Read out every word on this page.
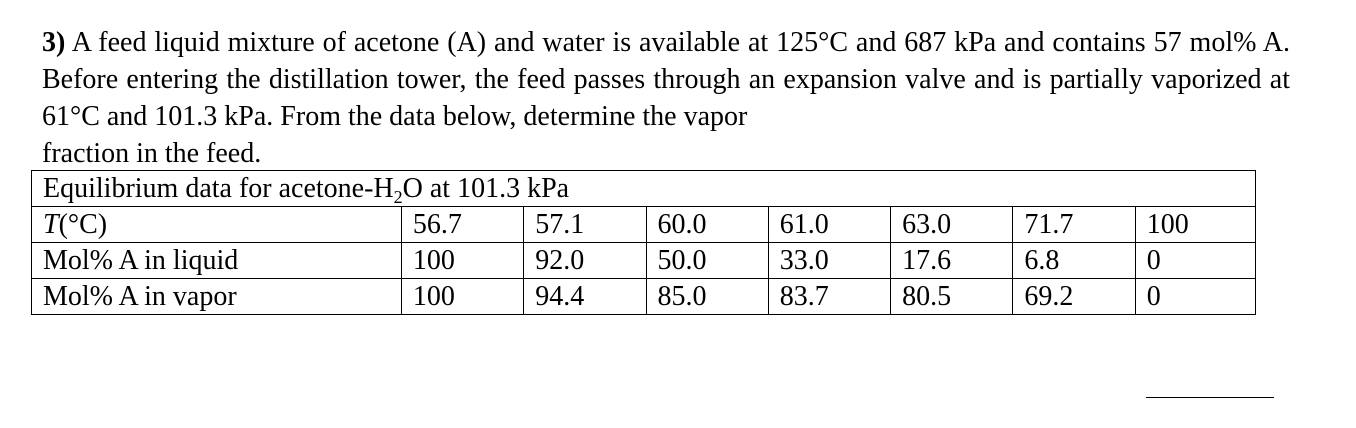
3) A feed liquid mixture of acetone (A) and water is available at 125°C and 687 kPa and contains 57 mol% A. Before entering the distillation tower, the feed passes through an expansion valve and is partially vaporized at 61°C and 101.3 kPa. From the data below, determine the vapor
fraction in the feed.
Equilibrium data for acetone-$H_2O$ at 101.3 kPa							
T(°C)	56.7	57.1	60.0	61.0	63.0	71.7	100
Mol% A in liquid	100	92.0	50.0	33.0	17.6	6.8	0
Mol% A in vapor	100	94.4	85.0	83.7	80.5	69.2	0
